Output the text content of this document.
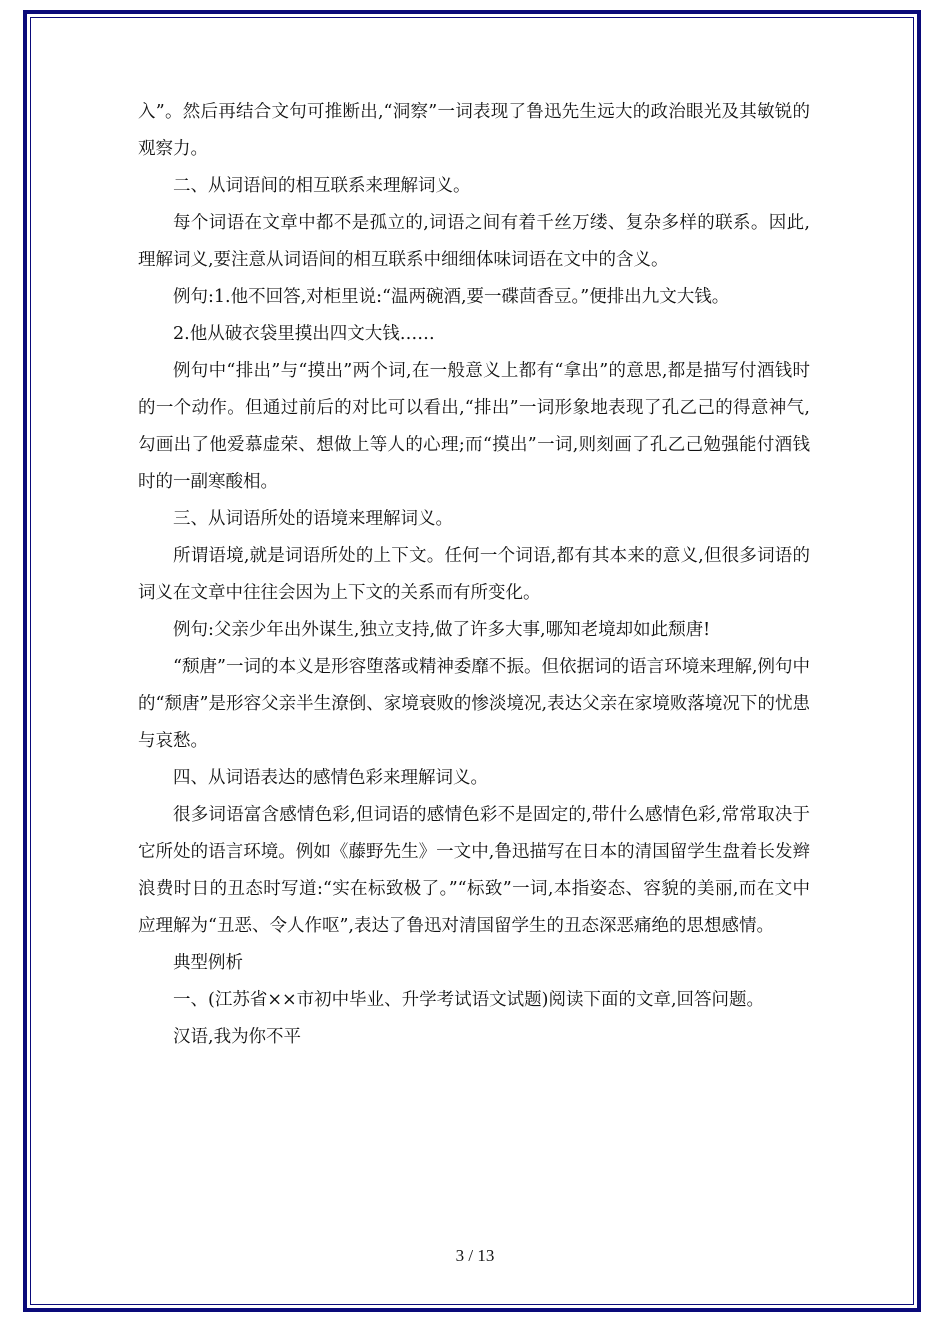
入”。然后再结合文句可推断出,“洞察”一词表现了鲁迅先生远大的政治眼光及其敏锐的观察力。

二、从词语间的相互联系来理解词义。

每个词语在文章中都不是孤立的,词语之间有着千丝万缕、复杂多样的联系。因此,理解词义,要注意从词语间的相互联系中细细体味词语在文中的含义。

例句:1.他不回答,对柜里说:“温两碗酒,要一碟茴香豆。”便排出九文大钱。

2.他从破衣袋里摸出四文大钱……

例句中“排出”与“摸出”两个词,在一般意义上都有“拿出”的意思,都是描写付酒钱时的一个动作。但通过前后的对比可以看出,“排出”一词形象地表现了孔乙己的得意神气,勾画出了他爱慕虚荣、想做上等人的心理;而“摸出”一词,则刻画了孔乙己勉强能付酒钱时的一副寒酸相。

三、从词语所处的语境来理解词义。

所谓语境,就是词语所处的上下文。任何一个词语,都有其本来的意义,但很多词语的词义在文章中往往会因为上下文的关系而有所变化。

例句:父亲少年出外谋生,独立支持,做了许多大事,哪知老境却如此颓唐!

“颓唐”一词的本义是形容堕落或精神委靡不振。但依据词的语言环境来理解,例句中的“颓唐”是形容父亲半生潦倒、家境衰败的惨淡境况,表达父亲在家境败落境况下的忧患与哀愁。

四、从词语表达的感情色彩来理解词义。

很多词语富含感情色彩,但词语的感情色彩不是固定的,带什么感情色彩,常常取决于它所处的语言环境。例如《藤野先生》一文中,鲁迅描写在日本的清国留学生盘着长发辫浪费时日的丑态时写道:“实在标致极了。”“标致”一词,本指姿态、容貌的美丽,而在文中应理解为“丑恶、令人作呕”,表达了鲁迅对清国留学生的丑态深恶痛绝的思想感情。

典型例析

一、(江苏省××市初中毕业、升学考试语文试题)阅读下面的文章,回答问题。

汉语,我为你不平

3 / 13
